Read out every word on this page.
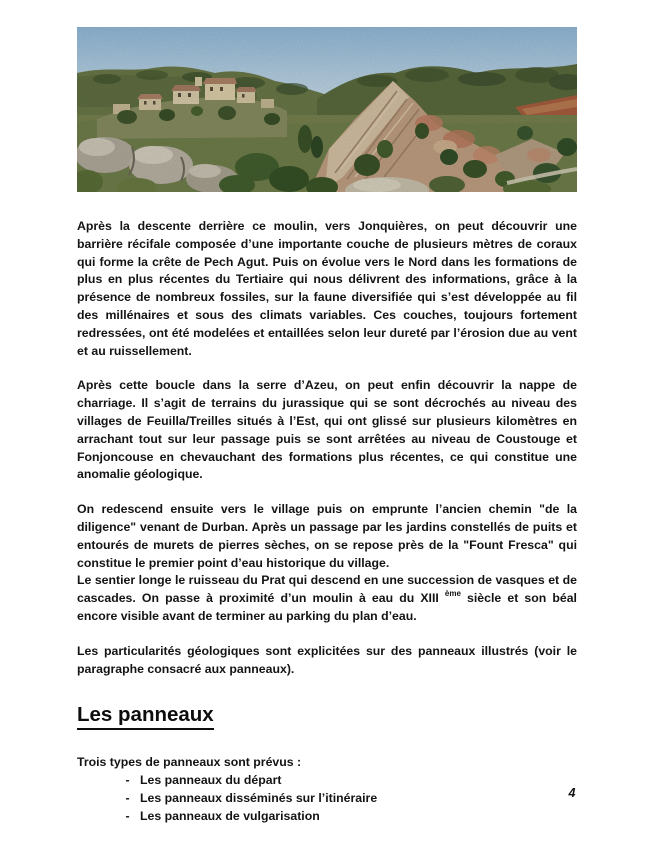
Après la descente derrière ce moulin, vers Jonquières, on peut découvrir une barrière récifale composée d’une importante couche de plusieurs mètres de coraux qui forme la crête de Pech Agut. Puis on évolue vers le Nord dans les formations de plus en plus récentes du Tertiaire qui nous délivrent des informations, grâce à la présence de nombreux fossiles, sur la faune diversifiée qui s’est développée au fil des millénaires et sous des climats variables. Ces couches, toujours fortement redressées, ont été modelées et entaillées selon leur dureté par l’érosion due au vent et au ruissellement.

Après cette boucle dans la serre d’Azeu, on peut enfin découvrir la nappe de charriage. Il s’agit de terrains du jurassique qui se sont décrochés au niveau des villages de Feuilla/Treilles situés à l’Est, qui ont glissé sur plusieurs kilomètres en arrachant tout sur leur passage puis se sont arrêtées au niveau de Coustouge et Fonjoncouse en chevauchant des formations plus récentes, ce qui constitue une anomalie géologique.

On redescend ensuite vers le village puis on emprunte l’ancien chemin "de la diligence" venant de Durban. Après un passage par les jardins constellés de puits et entourés de murets de pierres sèches, on se repose près de la "Fount Fresca" qui constitue le premier point d’eau historique du village.

Le sentier longe le ruisseau du Prat qui descend en une succession de vasques et de cascades. On passe à proximité d’un moulin à eau du XIII $^{ème}$ siècle et son béal encore visible avant de terminer au parking du plan d’eau.

Les particularités géologiques sont explicitées sur des panneaux illustrés (voir le paragraphe consacré aux panneaux).

Les panneaux

Trois types de panneaux sont prévus :

- Les panneaux du départ
- Les panneaux disséminés sur l’itinéraire
- Les panneaux de vulgarisation
4
